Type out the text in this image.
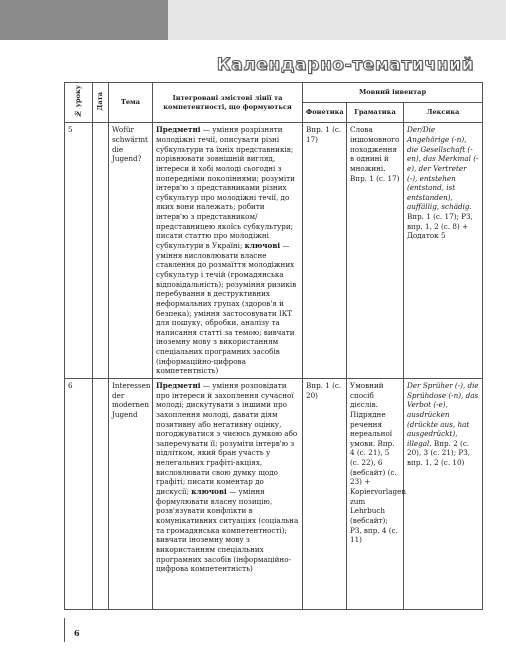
Календарно-тематичний
№ уроку	Дата	Тема	Інтегровані змістові лінії та компетентності, що формуються	Мовний інвентар		
				Фонетика	Граматика	Лексика
5		Wofür schwärmt die Jugend?	Предметні — уміння розрізняти молодіжні течії, описувати різні субкультури та їхніх представників; порівнювати зовнішній вигляд, інтереси й хобі молоді сьогодні з попередніми поколіннями; розуміти інтерв'ю з представниками різних субкультур про молодіжні течії, до яких вони належать; робити інтерв'ю з представником/представницею якоїсь субкультури; писати статтю про молодіжні субкультури в Україні; ключові — уміння висловлювати власне ставлення до розмаїття молодіжних субкультур і течій (громадянська відповідальність); розуміння ризиків перебування в деструктивних неформальних групах (здоров'я й безпека); уміння застосовувати ІКТ для пошуку, обробки, аналізу та написання статті за темою; вивчати іноземну мову з використанням спеціальних програмних засобів (інформаційно-цифрова компетентність)	Впр. 1 (с. 17)	Слова іншомовного походження в однині й множині. Впр. 1 (с. 17)	Der/Die Angehörige (-n), die Gesellschaft (-en), das Merkmal (-e), der Vertreter (-), entstehen (entstand, ist entstanden), auffällig, schädig. Впр. 1 (с. 17); РЗ, впр. 1, 2 (с. 8) + Додаток 5
6		Interessen der modernen Jugend	Предметні — уміння розповідати про інтереси й захоплення сучасної молоді; дискутувати з іншими про захоплення молоді, давати діям позитивну або негативну оцінку, погоджуватися з чиєюсь думкою або заперечувати її; розуміти інтерв'ю з підлітком, який бран участь у нелегальних графіті-акціях, висловлювати свою думку щодо графіті; писати коментар до дискусії; ключові — уміння формулювати власну позицію, розв'язувати конфлікти в комунікативних ситуаціях (соціальна та громадянська компетентності); вивчати іноземну мову з використанням спеціальних програмних засобів (інформаційно-цифрова компетентність)	Впр. 1 (с. 20)	Умовний спосіб дієслів. Підрядне речення нереальної умови. Впр. 4 (с. 21), 5 (с. 22), 6 (вебсайт) (с. 23) + Kopiervorlagen zum Lehrbuch (вебсайт); РЗ, впр. 4 (с. 11)	Der Sprüher (-), die Sprühdose (-n), das Verbot (-e), ausdrücken (drückte aus, hat ausgedrückt), illegal. Впр. 2 (с. 20), 3 (с. 21); РЗ, впр. 1, 2 (с. 10)
6
